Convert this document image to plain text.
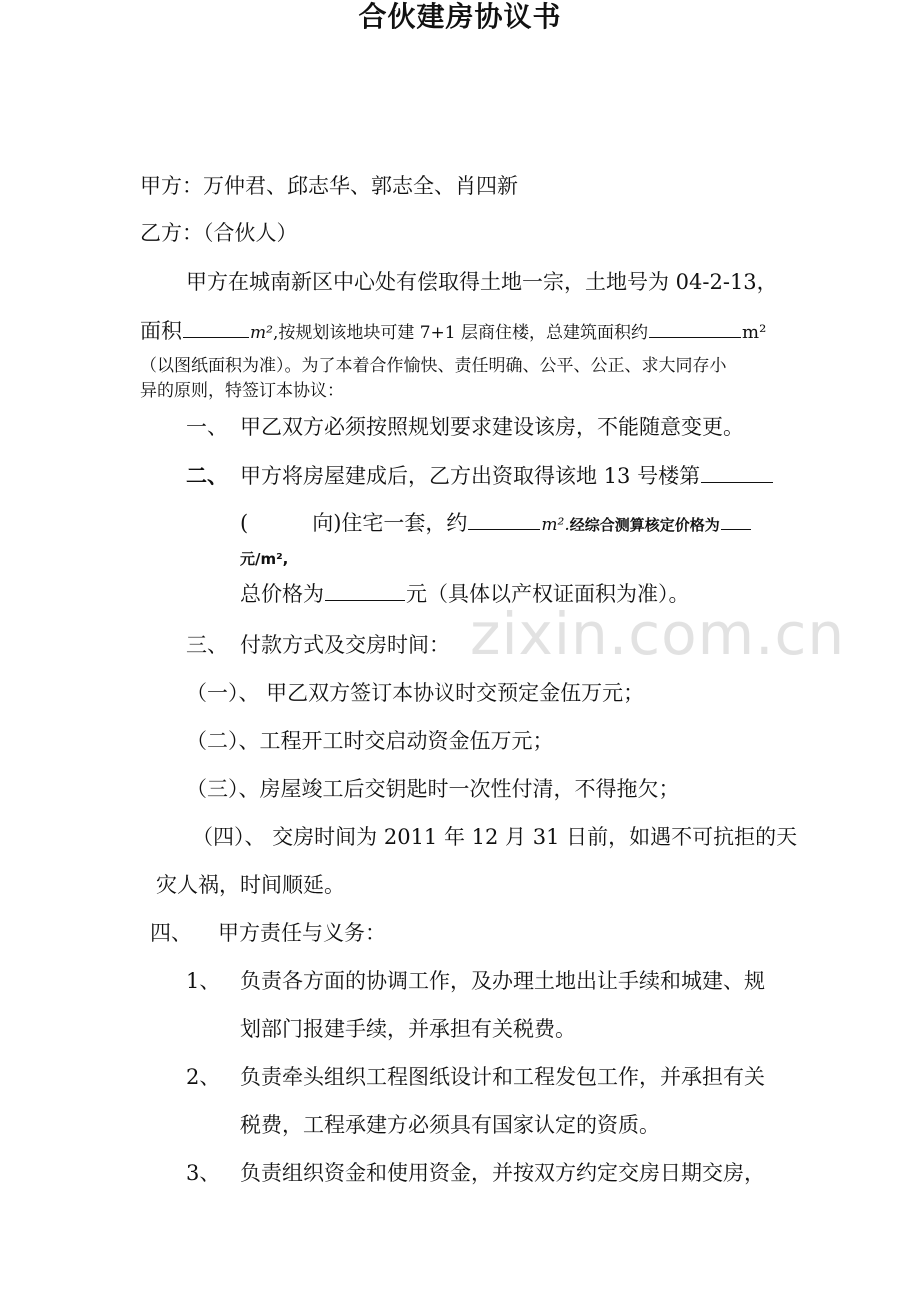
合伙建房协议书
甲方：万仲君、邱志华、郭志全、肖四新
乙方：（合伙人）
甲方在城南新区中心处有偿取得土地一宗，土地号为 04-2-13，
面积	m²,按规划该地块可建 7+1 层商住楼，总建筑面积约	m²
（以图纸面积为准）。为了本着合作愉快、责任明确、公平、公正、求大同存小
异的原则，特签订本协议：
一、 甲乙双方必须按照规划要求建设该房，不能随意变更。
二、 甲方将房屋建成后，乙方出资取得该地 13 号楼第
(	向)住宅一套，约	m².经综合测算核定价格为
元/m²,
总价格为	元（具体以产权证面积为准）。
zixin.com.cn
三、 付款方式及交房时间：
（一）、 甲乙双方签订本协议时交预定金伍万元；
（二）、工程开工时交启动资金伍万元；
（三）、房屋竣工后交钥匙时一次性付清，不得拖欠；
（四）、 交房时间为 2011 年 12 月 31 日前，如遇不可抗拒的天
灾人祸，时间顺延。
四、 甲方责任与义务：
1、 负责各方面的协调工作，及办理土地出让手续和城建、规
划部门报建手续，并承担有关税费。
2、 负责牵头组织工程图纸设计和工程发包工作，并承担有关
税费，工程承建方必须具有国家认定的资质。
3、 负责组织资金和使用资金，并按双方约定交房日期交房，
